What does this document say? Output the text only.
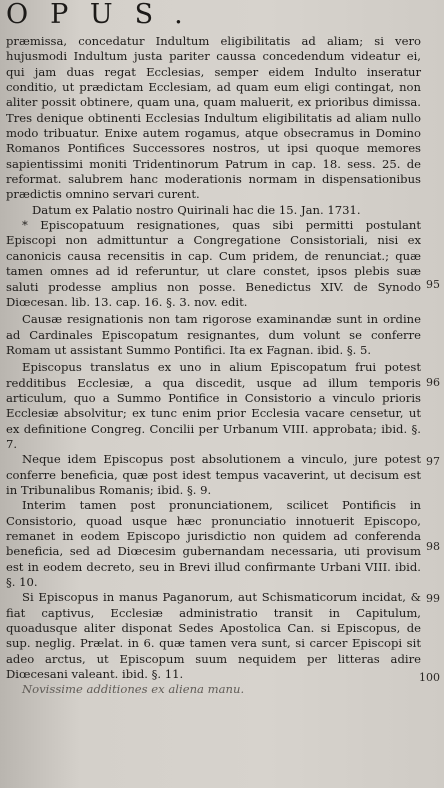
OPUS.

præmissa, concedatur Indultum eligibilitatis ad aliam; si vero hujusmodi Indultum justa pariter caussa concedendum videatur ei, qui jam duas regat Ecclesias, semper eidem Indulto inseratur conditio, ut prædictam Ecclesiam, ad quam eum eligi contingat, non aliter possit obtinere, quam una, quam maluerit, ex prioribus dimissa. Tres denique obtinenti Ecclesias Indultum eligibilitatis ad aliam nullo modo tribuatur. Enixe autem rogamus, atque obsecramus in Domino Romanos Pontifices Successores nostros, ut ipsi quoque memores sapientissimi moniti Tridentinorum Patrum in cap. 18. sess. 25. de reformat. salubrem hanc moderationis normam in dispensationibus prædictis omnino servari curent.

Datum ex Palatio nostro Quirinali hac die 15. Jan. 1731.

* Episcopatuum resignationes, quas sibi permitti postulant Episcopi non admittuntur a Congregatione Consistoriali, nisi ex canonicis causa recensitis in cap. Cum pridem, de renunciat.; quæ tamen omnes ad id referuntur, ut clare constet, ipsos plebis suæ saluti prodesse amplius non posse. Benedictus XIV. de Synodo Diœcesan. lib. 13. cap. 16. §. 3. nov. edit.

Causæ resignationis non tam rigorose examinandæ sunt in ordine ad Cardinales Episcopatum resignantes, dum volunt se conferre Romam ut assistant Summo Pontifici. Ita ex Fagnan. ibid. §. 5.

Episcopus translatus ex uno in alium Episcopatum frui potest redditibus Ecclesiæ, a qua discedit, usque ad illum temporis articulum, quo a Summo Pontifice in Consistorio a vinculo prioris Ecclesiæ absolvitur; ex tunc enim prior Ecclesia vacare censetur, ut ex definitione Congreg. Concilii per Urbanum VIII. approbata; ibid. §. 7.

Neque idem Episcopus post absolutionem a vinculo, jure potest conferre beneficia, quæ post idest tempus vacaverint, ut decisum est in Tribunalibus Romanis; ibid. §. 9.

Interim tamen post pronunciationem, scilicet Pontificis in Consistorio, quoad usque hæc pronunciatio innotuerit Episcopo, remanet in eodem Episcopo jurisdictio non quidem ad conferenda beneficia, sed ad Diœcesim gubernandam necessaria, uti provisum est in eodem decreto, seu in Brevi illud confirmante Urbani VIII. ibid. §. 10.

Si Episcopus in manus Paganorum, aut Schismaticorum incidat, & fiat captivus, Ecclesiæ administratio transit in Capitulum, quoadusque aliter disponat Sedes Apostolica Can. si Episcopus, de sup. neglig. Prælat. in 6. quæ tamen vera sunt, si carcer Episcopi sit adeo arctus, ut Episcopum suum nequidem per litteras adire Diœcesani valeant. ibid. §. 11.

Novissime additiones ex aliena manu.

95
96
97
98
99
100
